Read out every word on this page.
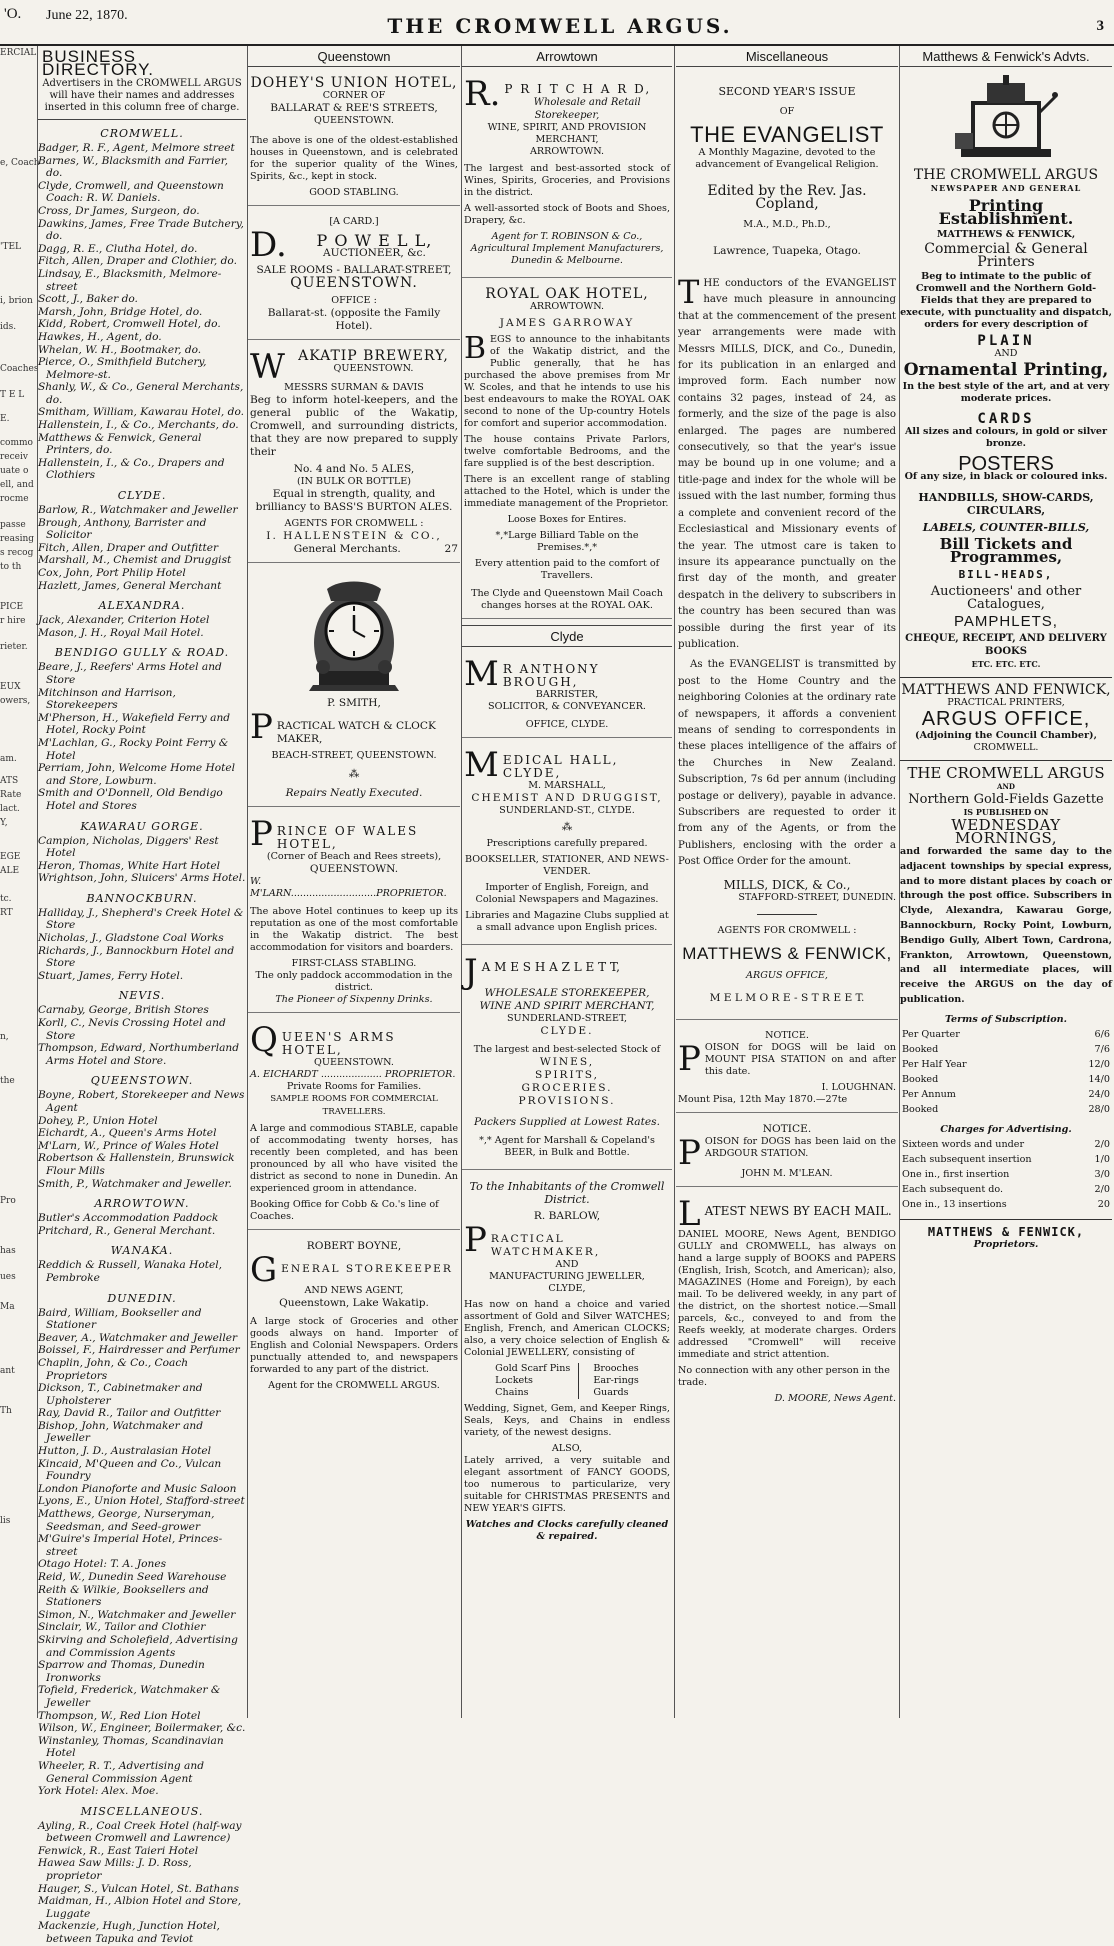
'O. June 22, 1870.	THE CROMWELL ARGUS.	3
ERCIAL
e, Coach
'TEL
i, brion
ids.
Coaches
T E L
E.
commo
receiv
uate o
ell, and
rocme
passe
reasing
s recog
to th
PICE
r hire
rieter.
EUX
owers,
am.
ATS
Rate
lact.
Y,
EGE
ALE
tc.
RT
n,
the
Pro
has
ues
Ma
ant
Th
lis
BUSINESS DIRECTORY.
Advertisers in the CROMWELL ARGUS will have their names and addresses inserted in this column free of charge.
CROMWELL.
Badger, R. F., Agent, Melmore street
Barnes, W., Blacksmith and Farrier, do.
Clyde, Cromwell, and Queenstown Coach: R. W. Daniels.
Cross, Dr James, Surgeon, do.
Dawkins, James, Free Trade Butchery, do.
Dagg, R. E., Clutha Hotel, do.
Fitch, Allen, Draper and Clothier, do.
Lindsay, E., Blacksmith, Melmore-street
Scott, J., Baker do.
Marsh, John, Bridge Hotel, do.
Kidd, Robert, Cromwell Hotel, do.
Hawkes, H., Agent, do.
Whelan, W. H., Bootmaker, do.
Pierce, O., Smithfield Butchery, Melmore-st.
Shanly, W., & Co., General Merchants, do.
Smitham, William, Kawarau Hotel, do.
Hallenstein, I., & Co., Merchants, do.
Matthews & Fenwick, General Printers, do.
Hallenstein, I., & Co., Drapers and Clothiers
CLYDE.
Barlow, R., Watchmaker and Jeweller
Brough, Anthony, Barrister and Solicitor
Fitch, Allen, Draper and Outfitter
Marshall, M., Chemist and Druggist
Cox, John, Port Philip Hotel
Hazlett, James, General Merchant
ALEXANDRA.
Jack, Alexander, Criterion Hotel
Mason, J. H., Royal Mail Hotel.
BENDIGO GULLY & ROAD.
Beare, J., Reefers' Arms Hotel and Store
Mitchinson and Harrison, Storekeepers
M'Pherson, H., Wakefield Ferry and Hotel, Rocky Point
M'Lachlan, G., Rocky Point Ferry & Hotel
Perriam, John, Welcome Home Hotel and Store, Lowburn.
Smith and O'Donnell, Old Bendigo Hotel and Stores
KAWARAU GORGE.
Campion, Nicholas, Diggers' Rest Hotel
Heron, Thomas, White Hart Hotel
Wrightson, John, Sluicers' Arms Hotel.
BANNOCKBURN.
Halliday, J., Shepherd's Creek Hotel & Store
Nicholas, J., Gladstone Coal Works
Richards, J., Bannockburn Hotel and Store
Stuart, James, Ferry Hotel.
NEVIS.
Carnaby, George, British Stores
Korll, C., Nevis Crossing Hotel and Store
Thompson, Edward, Northumberland Arms Hotel and Store.
QUEENSTOWN.
Boyne, Robert, Storekeeper and News Agent
Dohey, P., Union Hotel
Eichardt, A., Queen's Arms Hotel
M'Larn, W., Prince of Wales Hotel
Robertson & Hallenstein, Brunswick Flour Mills
Smith, P., Watchmaker and Jeweller.
ARROWTOWN.
Butler's Accommodation Paddock
Pritchard, R., General Merchant.
WANAKA.
Reddich & Russell, Wanaka Hotel, Pembroke
DUNEDIN.
Baird, William, Bookseller and Stationer
Beaver, A., Watchmaker and Jeweller
Boissel, F., Hairdresser and Perfumer
Chaplin, John, & Co., Coach Proprietors
Dickson, T., Cabinetmaker and Upholsterer
Ray, David R., Tailor and Outfitter
Bishop, John, Watchmaker and Jeweller
Hutton, J. D., Australasian Hotel
Kincaid, M'Queen and Co., Vulcan Foundry
London Pianoforte and Music Saloon
Lyons, E., Union Hotel, Stafford-street
Matthews, George, Nurseryman, Seedsman, and Seed-grower
M'Guire's Imperial Hotel, Princes-street
Otago Hotel: T. A. Jones
Reid, W., Dunedin Seed Warehouse
Reith & Wilkie, Booksellers and Stationers
Simon, N., Watchmaker and Jeweller
Sinclair, W., Tailor and Clothier
Skirving and Scholefield, Advertising and Commission Agents
Sparrow and Thomas, Dunedin Ironworks
Tofield, Frederick, Watchmaker & Jeweller
Thompson, W., Red Lion Hotel
Wilson, W., Engineer, Boilermaker, &c.
Winstanley, Thomas, Scandinavian Hotel
Wheeler, R. T., Advertising and General Commission Agent
York Hotel: Alex. Moe.
MISCELLANEOUS.
Ayling, R., Coal Creek Hotel (half-way between Cromwell and Lawrence)
Fenwick, R., East Taieri Hotel
Hawea Saw Mills: J. D. Ross, proprietor
Hauger, S., Vulcan Hotel, St. Bathans
Maidman, H., Albion Hotel and Store, Luggate
Mackenzie, Hugh, Junction Hotel, between Tapuka and Teviot
Queenstown
DOHEY'S UNION HOTEL,
CORNER OF
BALLARAT & REE'S STREETS,
QUEENSTOWN.

The above is one of the oldest-established houses in Queenstown, and is celebrated for the superior quality of the Wines, Spirits, &c., kept in stock.

GOOD STABLING.
[A CARD.]
D.	P O W E L L,
AUCTIONEER, &c.
SALE ROOMS - BALLARAT-STREET,
QUEENSTOWN.
OFFICE :
Ballarat-st. (opposite the Family Hotel).
W AKATIP BREWERY,
QUEENSTOWN.
MESSRS SURMAN & DAVIS

Beg to inform hotel-keepers, and the general public of the Wakatip, Cromwell, and surrounding districts, that they are now prepared to supply their

No. 4 and No. 5 ALES,
(IN BULK OR BOTTLE)

Equal in strength, quality, and brilliancy to BASS'S BURTON ALES.

AGENTS FOR CROMWELL :
I. HALLENSTEIN & CO.,
General Merchants.	27
P. SMITH,
P RACTICAL WATCH & CLOCK MAKER,
BEACH-STREET, QUEENSTOWN.
⁂
Repairs Neatly Executed.
P RINCE OF WALES HOTEL,
(Corner of Beach and Rees streets),
QUEENSTOWN.
W. M'LARN............................PROPRIETOR.

The above Hotel continues to keep up its reputation as one of the most comfortable in the Wakatip district. The best accommodation for visitors and boarders.

FIRST-CLASS STABLING.
The only paddock accommodation in the district.
The Pioneer of Sixpenny Drinks.
Q UEEN'S ARMS HOTEL,
QUEENSTOWN.
A. EICHARDT .................... PROPRIETOR.
Private Rooms for Families.
SAMPLE ROOMS FOR COMMERCIAL TRAVELLERS.

A large and commodious STABLE, capable of accommodating twenty horses, has recently been completed, and has been pronounced by all who have visited the district as second to none in Dunedin. An experienced groom in attendance.

Booking Office for Cobb & Co.'s line of Coaches.
ROBERT BOYNE,
G ENERAL STOREKEEPER
AND NEWS AGENT,
Queenstown, Lake Wakatip.

A large stock of Groceries and other goods always on hand. Importer of English and Colonial Newspapers. Orders punctually attended to, and newspapers forwarded to any part of the district.

Agent for the CROMWELL ARGUS.
Arrowtown
R. P R I T C H A R D,
Wholesale and Retail Storekeeper,
WINE, SPIRIT, AND PROVISION MERCHANT,
ARROWTOWN.

The largest and best-assorted stock of Wines, Spirits, Groceries, and Provisions in the district.

A well-assorted stock of Boots and Shoes, Drapery, &c.

Agent for T. ROBINSON & Co., Agricultural Implement Manufacturers, Dunedin & Melbourne.

ROYAL OAK HOTEL,
ARROWTOWN.
JAMES GARROWAY

BEGS to announce to the inhabitants of the Wakatip district, and the Public generally, that he has purchased the above premises from Mr W. Scoles, and that he intends to use his best endeavours to make the ROYAL OAK second to none of the Up-country Hotels for comfort and superior accommodation.

The house contains Private Parlors, twelve comfortable Bedrooms, and the fare supplied is of the best description.

There is an excellent range of stabling attached to the Hotel, which is under the immediate management of the Proprietor.

Loose Boxes for Entires.
*,*Large Billiard Table on the Premises.*,*
Every attention paid to the comfort of Travellers.
The Clyde and Queenstown Mail Coach changes horses at the ROYAL OAK.
Clyde
M R ANTHONY BROUGH,
BARRISTER,
SOLICITOR, & CONVEYANCER.
OFFICE, CLYDE.
M EDICAL HALL, CLYDE,
M. MARSHALL,
CHEMIST AND DRUGGIST,
SUNDERLAND-ST., CLYDE.
⁂
Prescriptions carefully prepared.
BOOKSELLER, STATIONER, AND NEWS-VENDER.

Importer of English, Foreign, and Colonial Newspapers and Magazines.

Libraries and Magazine Clubs supplied at a small advance upon English prices.

J A M E S H A Z L E T T,
WHOLESALE STOREKEEPER,
WINE AND SPIRIT MERCHANT,
SUNDERLAND-STREET,
CLYDE.
The largest and best-selected Stock of
WINES,
SPIRITS,
GROCERIES.
PROVISIONS.
Packers Supplied at Lowest Rates.

*,* Agent for Marshall & Copeland's BEER, in Bulk and Bottle.

To the Inhabitants of the Cromwell District.
R. BARLOW,
P RACTICAL WATCHMAKER,
AND
MANUFACTURING JEWELLER,
CLYDE,

Has now on hand a choice and varied assortment of Gold and Silver WATCHES; English, French, and American CLOCKS; also, a very choice selection of English & Colonial JEWELLERY, consisting of

Gold Scarf Pins
Lockets
Chains
Brooches
Ear-rings
Guards

Wedding, Signet, Gem, and Keeper Rings, Seals, Keys, and Chains in endless variety, of the newest designs.

ALSO,

Lately arrived, a very suitable and elegant assortment of FANCY GOODS, too numerous to particularize, very suitable for CHRISTMAS PRESENTS and NEW YEAR'S GIFTS.

Watches and Clocks carefully cleaned & repaired.
Miscellaneous
SECOND YEAR'S ISSUE
OF
THE EVANGELIST
A Monthly Magazine, devoted to the advancement of Evangelical Religion.
Edited by the Rev. Jas. Copland,
M.A., M.D., Ph.D.,
Lawrence, Tuapeka, Otago.

THE conductors of the EVANGELIST have much pleasure in announcing that at the commencement of the present year arrangements were made with Messrs MILLS, DICK, and Co., Dunedin, for its publication in an enlarged and improved form. Each number now contains 32 pages, instead of 24, as formerly, and the size of the page is also enlarged. The pages are numbered consecutively, so that the year's issue may be bound up in one volume; and a title-page and index for the whole will be issued with the last number, forming thus a complete and convenient record of the Ecclesiastical and Missionary events of the year. The utmost care is taken to insure its appearance punctually on the first day of the month, and greater despatch in the delivery to subscribers in the country has been secured than was possible during the first year of its publication.

As the EVANGELIST is transmitted by post to the Home Country and the neighboring Colonies at the ordinary rate of newspapers, it affords a convenient means of sending to correspondents in these places intelligence of the affairs of the Churches in New Zealand. Subscription, 7s 6d per annum (including postage or delivery), payable in advance. Subscribers are requested to order it from any of the Agents, or from the Publishers, enclosing with the order a Post Office Order for the amount.

MILLS, DICK, & Co.,
STAFFORD-STREET, DUNEDIN.
AGENTS FOR CROMWELL :
MATTHEWS & FENWICK,
ARGUS OFFICE,
M E L M O R E - S T R E E T.
NOTICE.

POISON for DOGS will be laid on MOUNT PISA STATION on and after this date.

I. LOUGHNAN.
Mount Pisa, 12th May 1870.—27te
NOTICE.

POISON for DOGS has been laid on the ARDGOUR STATION.

JOHN M. M'LEAN.
L ATEST NEWS BY EACH MAIL.

DANIEL MOORE, News Agent, BENDIGO GULLY and CROMWELL, has always on hand a large supply of BOOKS and PAPERS (English, Irish, Scotch, and American); also, MAGAZINES (Home and Foreign), by each mail. To be delivered weekly, in any part of the district, on the shortest notice.—Small parcels, &c., conveyed to and from the Reefs weekly, at moderate charges. Orders addressed "Cromwell" will receive immediate and strict attention.

No connection with any other person in the trade.

D. MOORE, News Agent.
Matthews & Fenwick's Advts.
THE CROMWELL ARGUS
NEWSPAPER AND GENERAL
Printing Establishment.
MATTHEWS & FENWICK,
Commercial & General Printers

Beg to intimate to the public of Cromwell and the Northern Gold-Fields that they are prepared to execute, with punctuality and dispatch, orders for every description of

PLAIN
AND
Ornamental Printing,
In the best style of the art, and at very moderate prices.
CARDS
All sizes and colours, in gold or silver bronze.
POSTERS
Of any size, in black or coloured inks.
HANDBILLS, SHOW-CARDS, CIRCULARS,
LABELS, COUNTER-BILLS,
Bill Tickets and Programmes,
BILL-HEADS,
Auctioneers' and other Catalogues,
PAMPHLETS,
CHEQUE, RECEIPT, AND DELIVERY BOOKS
ETC. ETC. ETC.
MATTHEWS AND FENWICK,
PRACTICAL PRINTERS,
ARGUS OFFICE,
(Adjoining the Council Chamber),
CROMWELL.
THE CROMWELL ARGUS
AND
Northern Gold-Fields Gazette
IS PUBLISHED ON
WEDNESDAY MORNINGS,

and forwarded the same day to the adjacent townships by special express, and to more distant places by coach or through the post office. Subscribers in Clyde, Alexandra, Kawarau Gorge, Bannockburn, Rocky Point, Lowburn, Bendigo Gully, Albert Town, Cardrona, Frankton, Arrowtown, Queenstown, and all intermediate places, will receive the ARGUS on the day of publication.

Terms of Subscription.
Per Quarter	6/6
Booked	7/6
Per Half Year	12/0
Booked	14/0
Per Annum	24/0
Booked	28/0
Charges for Advertising.
Sixteen words and under	2/0
Each subsequent insertion	1/0
One in., first insertion	3/0
Each subsequent do.	2/0
One in., 13 insertions	20
MATTHEWS & FENWICK,
Proprietors.
